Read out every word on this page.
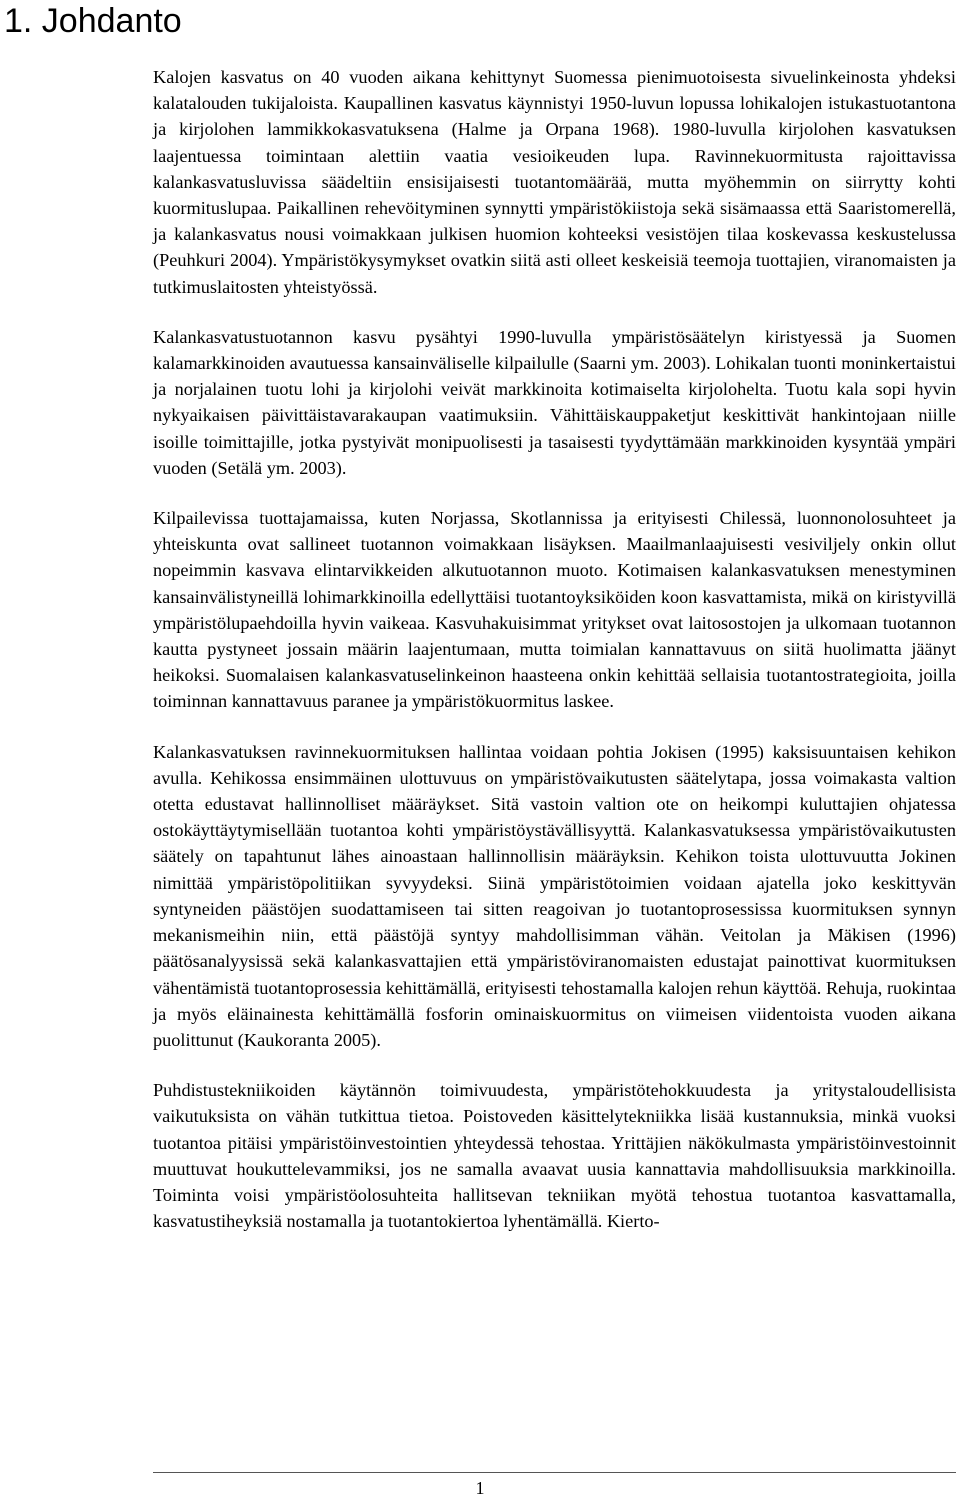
1. Johdanto

Kalojen kasvatus on 40 vuoden aikana kehittynyt Suomessa pienimuotoisesta sivuelinkeinosta yhdeksi kalatalouden tukijaloista. Kaupallinen kasvatus käynnistyi 1950-luvun lopussa lohikalojen istukastuotantona ja kirjolohen lammikkokasvatuksena (Halme ja Orpana 1968). 1980-luvulla kirjolohen kasvatuksen laajentuessa toimintaan alettiin vaatia vesioikeuden lupa. Ravinnekuormitusta rajoittavissa kalankasvatusluvissa säädeltiin ensisijaisesti tuotantomäärää, mutta myöhemmin on siirrytty kohti kuormituslupaa. Paikallinen rehevöityminen synnytti ympäristökiistoja sekä sisämaassa että Saaristomerellä, ja kalankasvatus nousi voimakkaan julkisen huomion kohteeksi vesistöjen tilaa koskevassa keskustelussa (Peuhkuri 2004). Ympäristökysymykset ovatkin siitä asti olleet keskeisiä teemoja tuottajien, viranomaisten ja tutkimuslaitosten yhteistyössä.

Kalankasvatustuotannon kasvu pysähtyi 1990-luvulla ympäristösäätelyn kiristyessä ja Suomen kalamarkkinoiden avautuessa kansainväliselle kilpailulle (Saarni ym. 2003). Lohikalan tuonti moninkertaistui ja norjalainen tuotu lohi ja kirjolohi veivät markkinoita kotimaiselta kirjolohelta. Tuotu kala sopi hyvin nykyaikaisen päivittäistavarakaupan vaatimuksiin. Vähittäiskauppaketjut keskittivät hankintojaan niille isoille toimittajille, jotka pystyivät monipuolisesti ja tasaisesti tyydyttämään markkinoiden kysyntää ympäri vuoden (Setälä ym. 2003).

Kilpailevissa tuottajamaissa, kuten Norjassa, Skotlannissa ja erityisesti Chilessä, luonnonolosuhteet ja yhteiskunta ovat sallineet tuotannon voimakkaan lisäyksen. Maailmanlaajuisesti vesiviljely onkin ollut nopeimmin kasvava elintarvikkeiden alkutuotannon muoto. Kotimaisen kalankasvatuksen menestyminen kansainvälistyneillä lohimarkkinoilla edellyttäisi tuotantoyksiköiden koon kasvattamista, mikä on kiristyvillä ympäristölupaehdoilla hyvin vaikeaa. Kasvuhakuisimmat yritykset ovat laitosostojen ja ulkomaan tuotannon kautta pystyneet jossain määrin laajentumaan, mutta toimialan kannattavuus on siitä huolimatta jäänyt heikoksi. Suomalaisen kalankasvatuselinkeinon haasteena onkin kehittää sellaisia tuotantostrategioita, joilla toiminnan kannattavuus paranee ja ympäristökuormitus laskee.

Kalankasvatuksen ravinnekuormituksen hallintaa voidaan pohtia Jokisen (1995) kaksisuuntaisen kehikon avulla. Kehikossa ensimmäinen ulottuvuus on ympäristövaikutusten säätelytapa, jossa voimakasta valtion otetta edustavat hallinnolliset määräykset. Sitä vastoin valtion ote on heikompi kuluttajien ohjatessa ostokäyttäytymisellään tuotantoa kohti ympäristöystävällisyyttä. Kalankasvatuksessa ympäristövaikutusten säätely on tapahtunut lähes ainoastaan hallinnollisin määräyksin. Kehikon toista ulottuvuutta Jokinen nimittää ympäristöpolitiikan syvyydeksi. Siinä ympäristötoimien voidaan ajatella joko keskittyvän syntyneiden päästöjen suodattamiseen tai sitten reagoivan jo tuotantoprosessissa kuormituksen synnyn mekanismeihin niin, että päästöjä syntyy mahdollisimman vähän. Veitolan ja Mäkisen (1996) päätösanalyysissä sekä kalankasvattajien että ympäristöviranomaisten edustajat painottivat kuormituksen vähentämistä tuotantoprosessia kehittämällä, erityisesti tehostamalla kalojen rehun käyttöä. Rehuja, ruokintaa ja myös eläinainesta kehittämällä fosforin ominaiskuormitus on viimeisen viidentoista vuoden aikana puolittunut (Kaukoranta 2005).

Puhdistustekniikoiden käytännön toimivuudesta, ympäristötehokkuudesta ja yritystaloudellisista vaikutuksista on vähän tutkittua tietoa. Poistoveden käsittelytekniikka lisää kustannuksia, minkä vuoksi tuotantoa pitäisi ympäristöinvestointien yhteydessä tehostaa. Yrittäjien näkökulmasta ympäristöinvestoinnit muuttuvat houkuttelevammiksi, jos ne samalla avaavat uusia kannattavia mahdollisuuksia markkinoilla. Toiminta voisi ympäristöolosuhteita hallitsevan tekniikan myötä tehostua tuotantoa kasvattamalla, kasvatustiheyksiä nostamalla ja tuotantokiertoa lyhentämällä. Kierto-

1
